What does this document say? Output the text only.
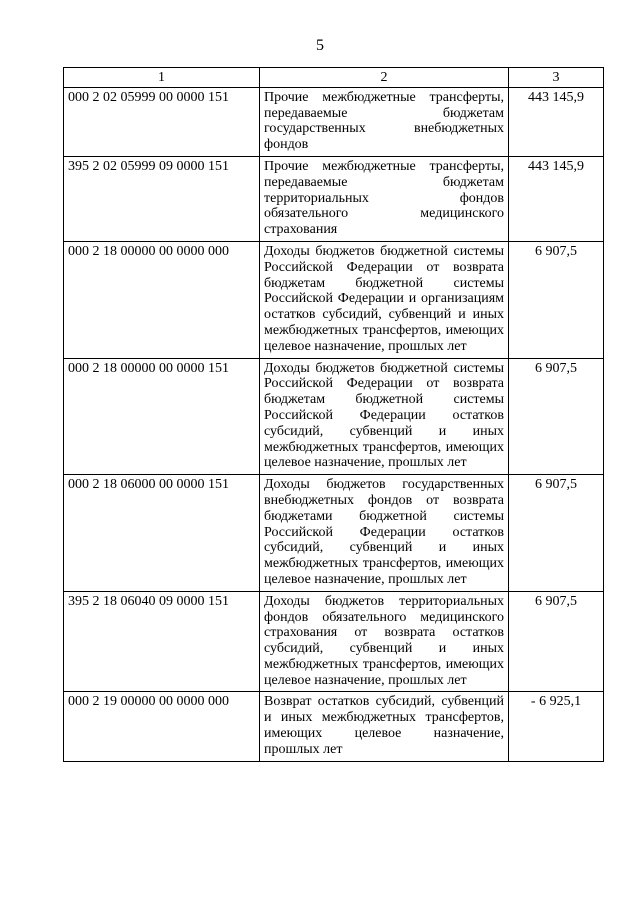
5
1	2	3
000 2 02 05999 00 0000 151	Прочие межбюджетные трансферты, передаваемые бюджетам государственных внебюджетных фондов	443 145,9
395 2 02 05999 09 0000 151	Прочие межбюджетные трансферты, передаваемые бюджетам территориальных фондов обязательного медицинского страхования	443 145,9
000 2 18 00000 00 0000 000	Доходы бюджетов бюджетной системы Российской Федерации от возврата бюджетам бюджетной системы Российской Федерации и организациям остатков субсидий, субвенций и иных межбюджетных трансфертов, имеющих целевое назначение, прошлых лет	6 907,5
000 2 18 00000 00 0000 151	Доходы бюджетов бюджетной системы Российской Федерации от возврата бюджетам бюджетной системы Российской Федерации остатков субсидий, субвенций и иных межбюджетных трансфертов, имеющих целевое назначение, прошлых лет	6 907,5
000 2 18 06000 00 0000 151	Доходы бюджетов государственных внебюджетных фондов от возврата бюджетами бюджетной системы Российской Федерации остатков субсидий, субвенций и иных межбюджетных трансфертов, имеющих целевое назначение, прошлых лет	6 907,5
395 2 18 06040 09 0000 151	Доходы бюджетов территориальных фондов обязательного медицинского страхования от возврата остатков субсидий, субвенций и иных межбюджетных трансфертов, имеющих целевое назначение, прошлых лет	6 907,5
000 2 19 00000 00 0000 000	Возврат остатков субсидий, субвенций и иных межбюджетных трансфертов, имеющих целевое назначение, прошлых лет	- 6 925,1
